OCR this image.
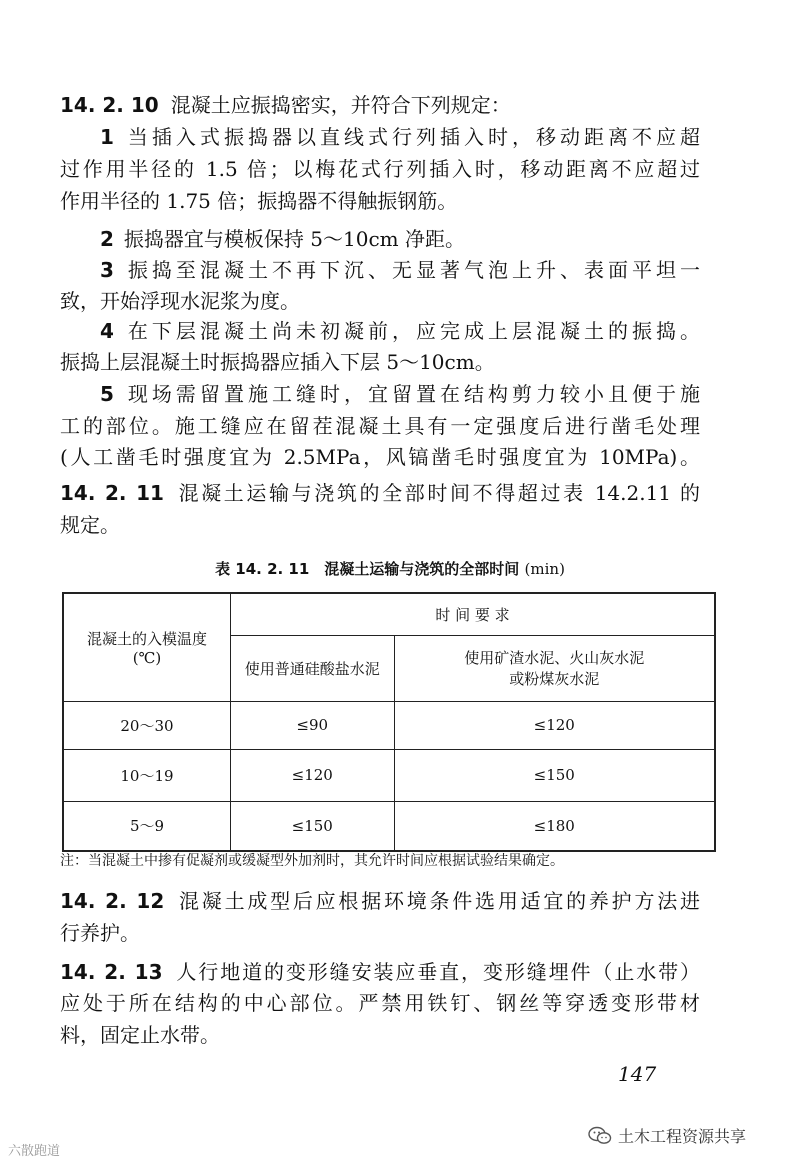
14. 2. 10 混凝土应振捣密实，并符合下列规定：
1 当插入式振捣器以直线式行列插入时，移动距离不应超
过作用半径的 1.5 倍；以梅花式行列插入时，移动距离不应超过
作用半径的 1.75 倍；振捣器不得触振钢筋。
2 振捣器宜与模板保持 5～10cm 净距。
3 振捣至混凝土不再下沉、无显著气泡上升、表面平坦一
致，开始浮现水泥浆为度。
4 在下层混凝土尚未初凝前，应完成上层混凝土的振捣。
振捣上层混凝土时振捣器应插入下层 5～10cm。
5 现场需留置施工缝时，宜留置在结构剪力较小且便于施
工的部位。施工缝应在留茬混凝土具有一定强度后进行凿毛处理
(人工凿毛时强度宜为 2.5MPa，风镐凿毛时强度宜为 10MPa)。
14. 2. 11 混凝土运输与浇筑的全部时间不得超过表 14.2.11 的
规定。
表 14. 2. 11　混凝土运输与浇筑的全部时间 (min)
混凝土的入模温度
(℃)	时 间 要 求	
	使用普通硅酸盐水泥	使用矿渣水泥、火山灰水泥
或粉煤灰水泥

20～30	≤90	≤120
10～19	≤120	≤150
5～9	≤150	≤180
注：当混凝土中掺有促凝剂或缓凝型外加剂时，其允许时间应根据试验结果确定。
14. 2. 12 混凝土成型后应根据环境条件选用适宜的养护方法进
行养护。
14. 2. 13 人行地道的变形缝安装应垂直，变形缝埋件（止水带）
应处于所在结构的中心部位。严禁用铁钉、钢丝等穿透变形带材
料，固定止水带。
147
六散跑道
土木工程资源共享
